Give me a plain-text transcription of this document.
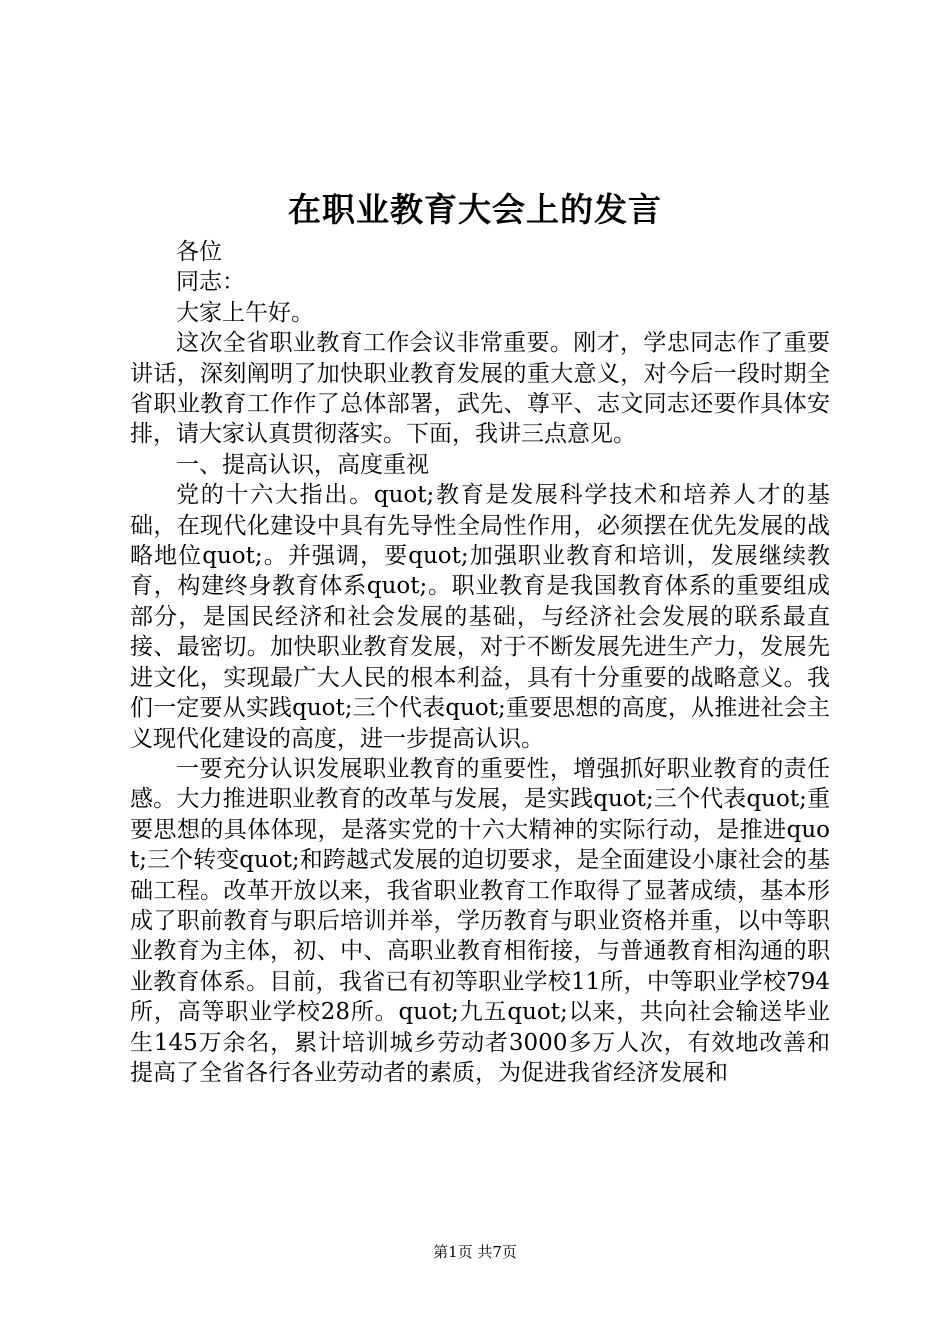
在职业教育大会上的发言

各位

同志：

大家上午好。

这次全省职业教育工作会议非常重要。刚才，学忠同志作了重要讲话，深刻阐明了加快职业教育发展的重大意义，对今后一段时期全省职业教育工作作了总体部署，武先、尊平、志文同志还要作具体安排，请大家认真贯彻落实。下面，我讲三点意见。

一、提高认识，高度重视

党的十六大指出。quot;教育是发展科学技术和培养人才的基础，在现代化建设中具有先导性全局性作用，必须摆在优先发展的战略地位quot;。并强调，要quot;加强职业教育和培训，发展继续教育，构建终身教育体系quot;。职业教育是我国教育体系的重要组成部分，是国民经济和社会发展的基础，与经济社会发展的联系最直接、最密切。加快职业教育发展，对于不断发展先进生产力，发展先进文化，实现最广大人民的根本利益，具有十分重要的战略意义。我们一定要从实践quot;三个代表quot;重要思想的高度，从推进社会主义现代化建设的高度，进一步提高认识。

一要充分认识发展职业教育的重要性，增强抓好职业教育的责任感。大力推进职业教育的改革与发展，是实践quot;三个代表quot;重要思想的具体体现，是落实党的十六大精神的实际行动，是推进quot;三个转变quot;和跨越式发展的迫切要求，是全面建设小康社会的基础工程。改革开放以来，我省职业教育工作取得了显著成绩，基本形成了职前教育与职后培训并举，学历教育与职业资格并重，以中等职业教育为主体，初、中、高职业教育相衔接，与普通教育相沟通的职业教育体系。目前，我省已有初等职业学校11所，中等职业学校794所，高等职业学校28所。quot;九五quot;以来，共向社会输送毕业生145万余名，累计培训城乡劳动者3000多万人次，有效地改善和提高了全省各行各业劳动者的素质，为促进我省经济发展和

第1页 共7页
